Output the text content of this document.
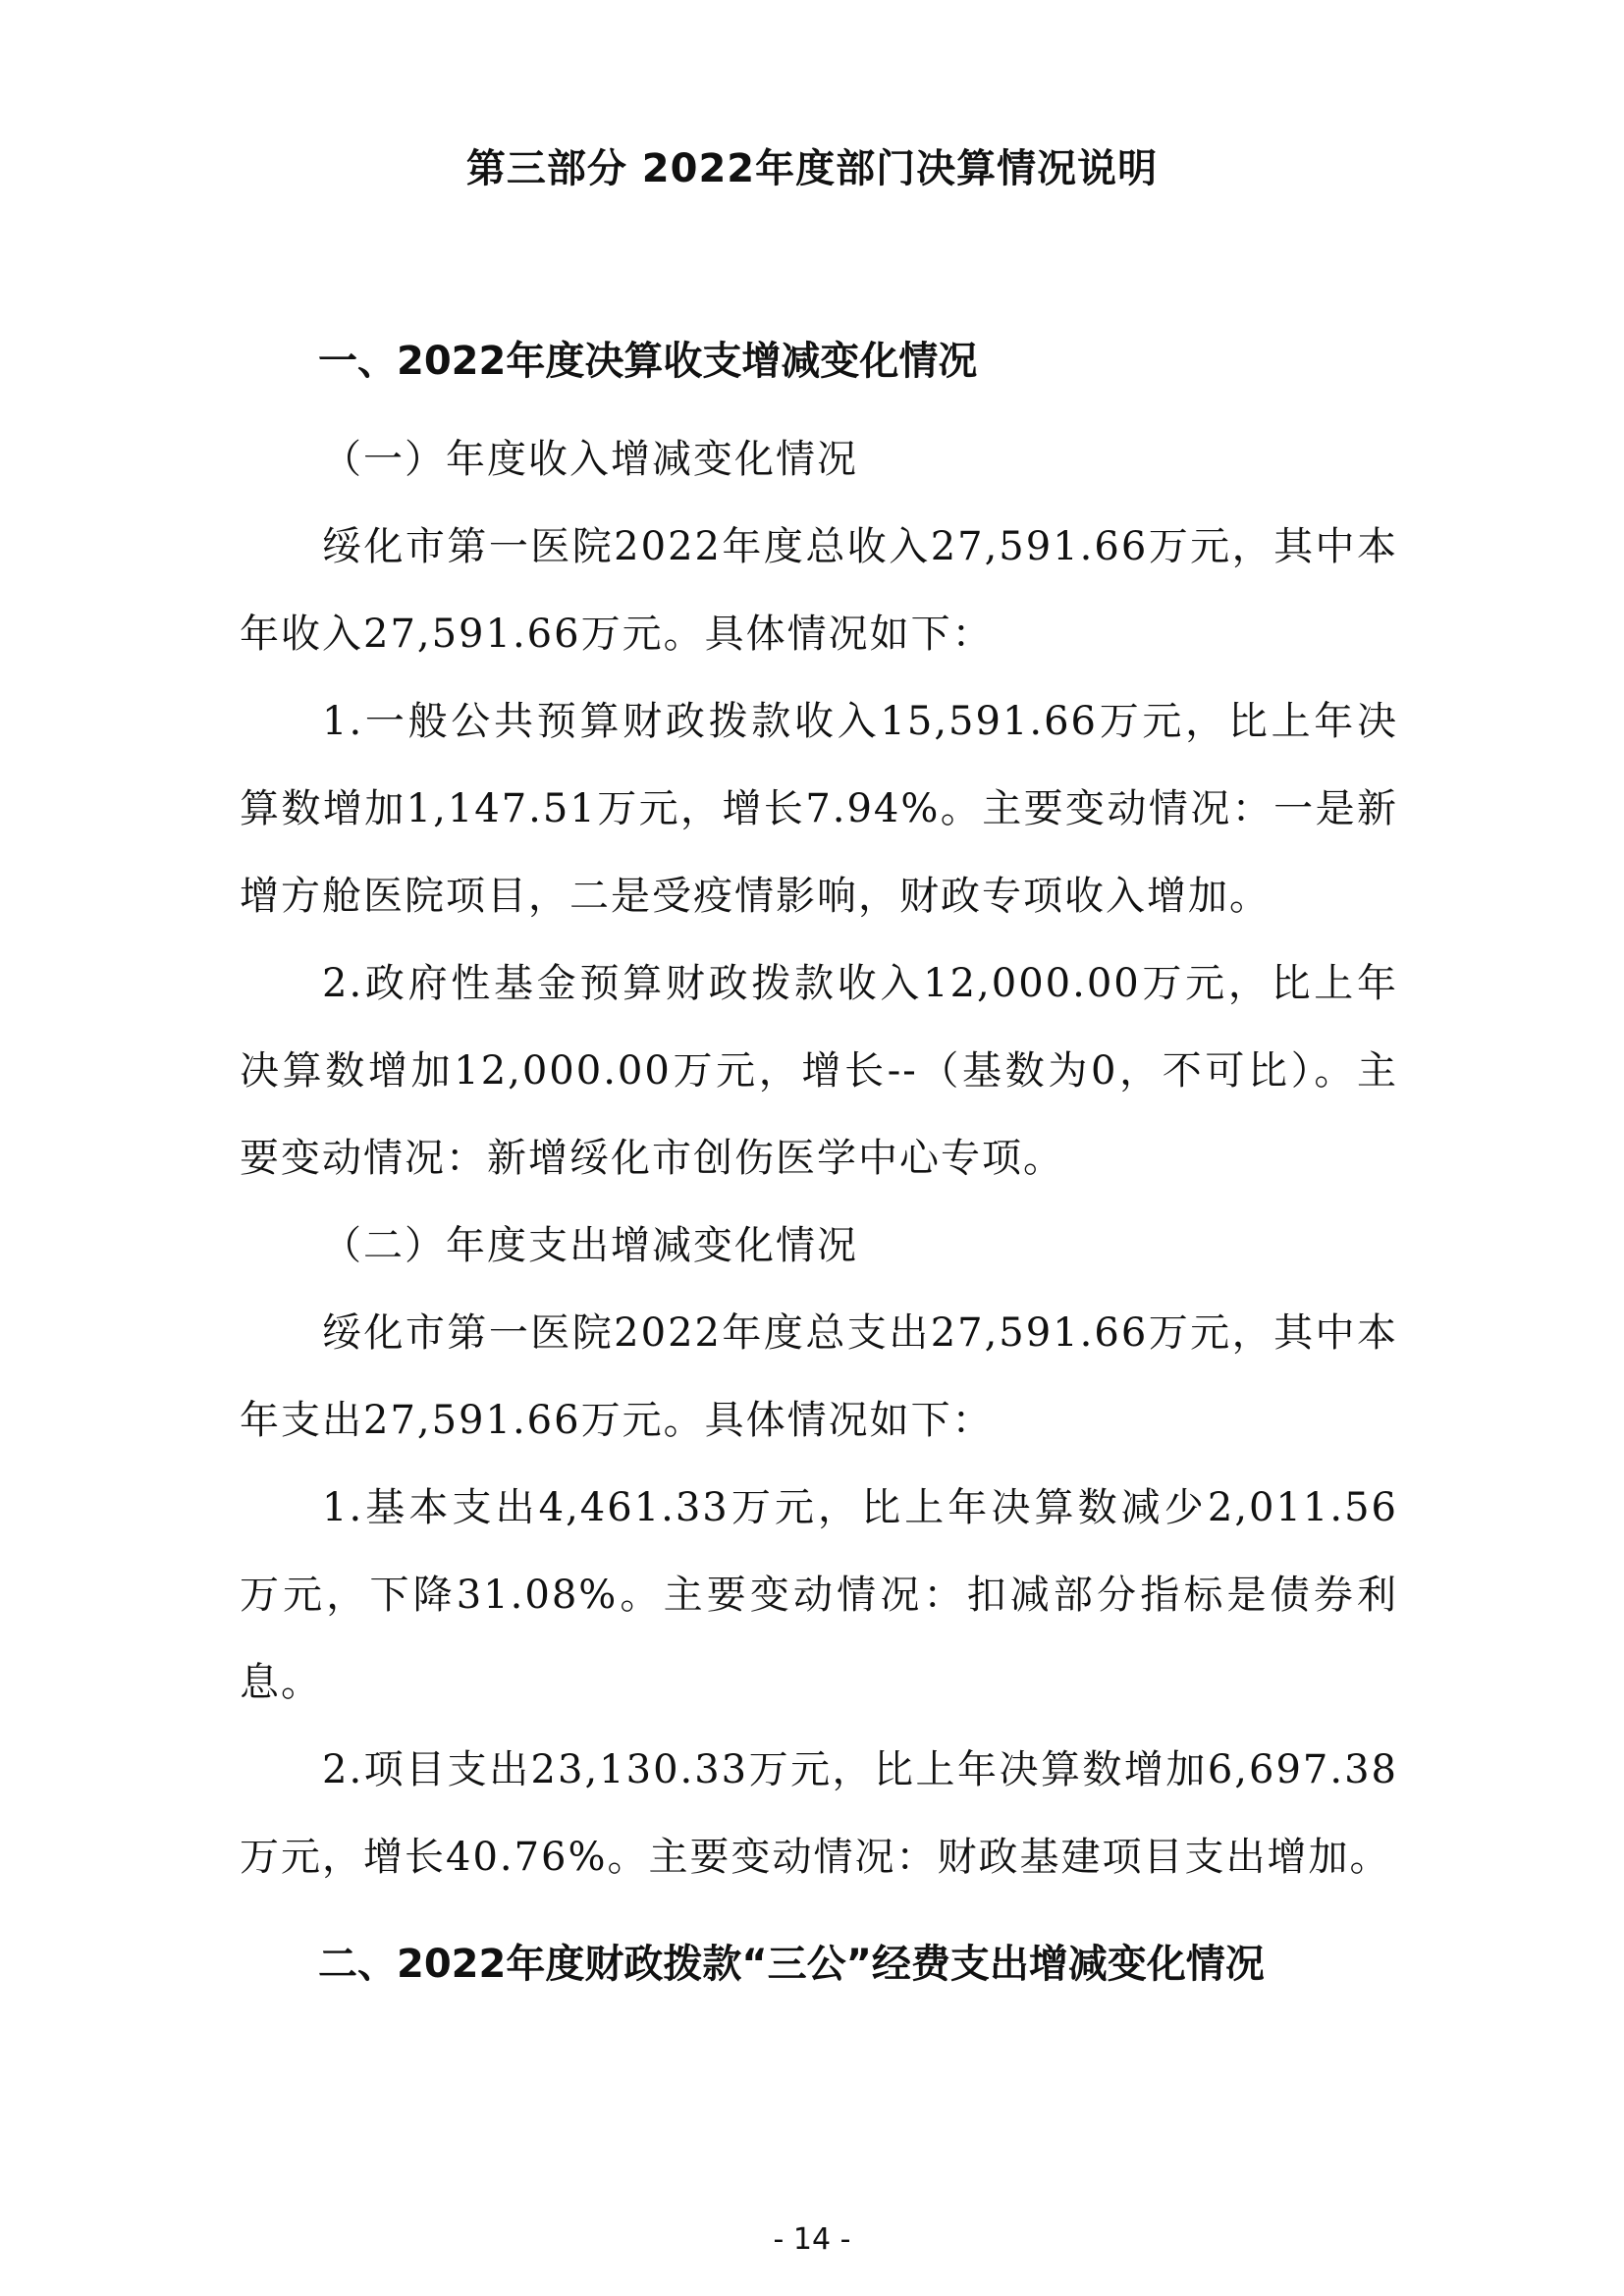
第三部分 2022年度部门决算情况说明
一、2022年度决算收支增减变化情况

（一）年度收入增减变化情况

绥化市第一医院2022年度总收入27,591.66万元，其中本年收入27,591.66万元。具体情况如下：

1.一般公共预算财政拨款收入15,591.66万元，比上年决算数增加1,147.51万元，增长7.94%。主要变动情况：一是新增方舱医院项目，二是受疫情影响，财政专项收入增加。

2.政府性基金预算财政拨款收入12,000.00万元，比上年决算数增加12,000.00万元，增长--（基数为0，不可比）。主要变动情况：新增绥化市创伤医学中心专项。

（二）年度支出增减变化情况

绥化市第一医院2022年度总支出27,591.66万元，其中本年支出27,591.66万元。具体情况如下：

1.基本支出4,461.33万元，比上年决算数减少2,011.56万元，下降31.08%。主要变动情况：扣减部分指标是债券利息。

2.项目支出23,130.33万元，比上年决算数增加6,697.38万元，增长40.76%。主要变动情况：财政基建项目支出增加。

二、2022年度财政拨款“三公”经费支出增减变化情况
- 14 -
